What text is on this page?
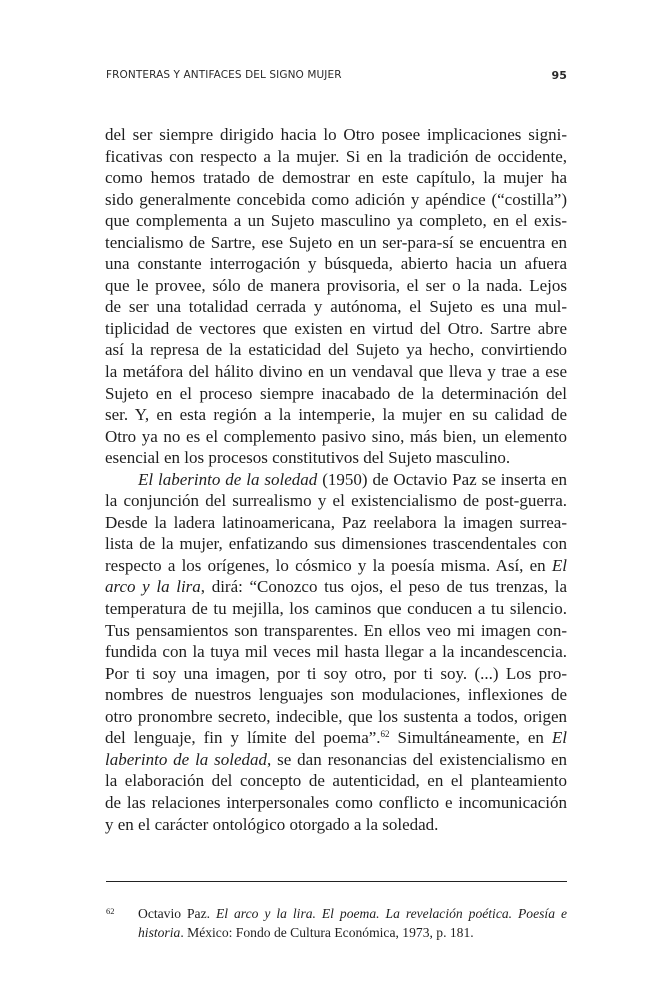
FRONTERAS Y ANTIFACES DEL SIGNO MUJER	95
del ser siempre dirigido hacia lo Otro posee implicaciones signi-
ficativas con respecto a la mujer. Si en la tradición de occidente,
como hemos tratado de demostrar en este capítulo, la mujer ha
sido generalmente concebida como adición y apéndice (“costilla”)
que complementa a un Sujeto masculino ya completo, en el exis-
tencialismo de Sartre, ese Sujeto en un ser-para-sí se encuentra en
una constante interrogación y búsqueda, abierto hacia un afuera
que le provee, sólo de manera provisoria, el ser o la nada. Lejos
de ser una totalidad cerrada y autónoma, el Sujeto es una mul-
tiplicidad de vectores que existen en virtud del Otro. Sartre abre
así la represa de la estaticidad del Sujeto ya hecho, convirtiendo
la metáfora del hálito divino en un vendaval que lleva y trae a ese
Sujeto en el proceso siempre inacabado de la determinación del
ser. Y, en esta región a la intemperie, la mujer en su calidad de
Otro ya no es el complemento pasivo sino, más bien, un elemento
esencial en los procesos constitutivos del Sujeto masculino.
El laberinto de la soledad (1950) de Octavio Paz se inserta en
la conjunción del surrealismo y el existencialismo de post-guerra.
Desde la ladera latinoamericana, Paz reelabora la imagen surrea-
lista de la mujer, enfatizando sus dimensiones trascendentales con
respecto a los orígenes, lo cósmico y la poesía misma. Así, en El
arco y la lira, dirá: “Conozco tus ojos, el peso de tus trenzas, la
temperatura de tu mejilla, los caminos que conducen a tu silencio.
Tus pensamientos son transparentes. En ellos veo mi imagen con-
fundida con la tuya mil veces mil hasta llegar a la incandescencia.
Por ti soy una imagen, por ti soy otro, por ti soy. (...) Los pro-
nombres de nuestros lenguajes son modulaciones, inflexiones de
otro pronombre secreto, indecible, que los sustenta a todos, origen
del lenguaje, fin y límite del poema”.$^{62}$ Simultáneamente, en El
laberinto de la soledad, se dan resonancias del existencialismo en
la elaboración del concepto de autenticidad, en el planteamiento
de las relaciones interpersonales como conflicto e incomunicación
y en el carácter ontológico otorgado a la soledad.
62 Octavio Paz. El arco y la lira. El poema. La revelación poética. Poesía e
historia. México: Fondo de Cultura Económica, 1973, p. 181.
